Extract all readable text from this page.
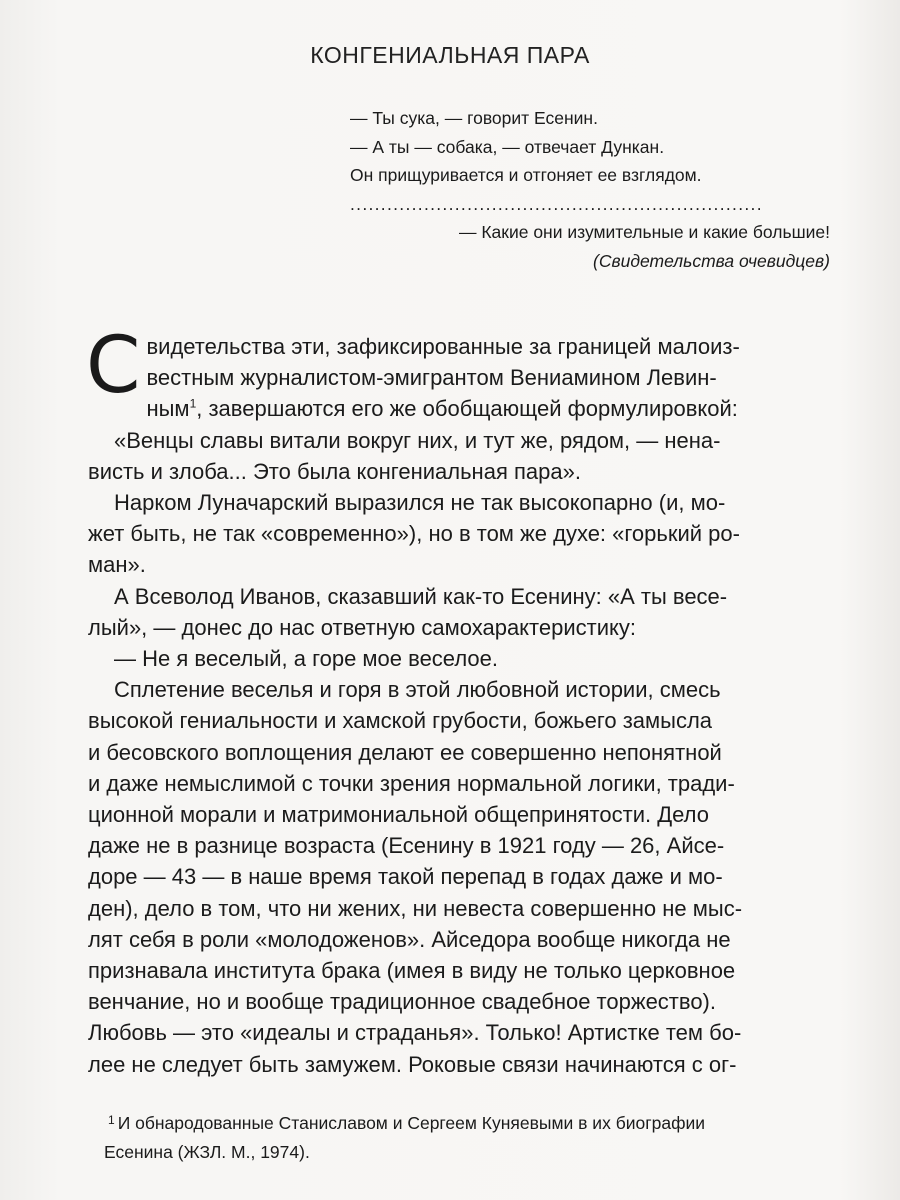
КОНГЕНИАЛЬНАЯ ПАРА
— Ты сука, — говорит Есенин.
— А ты — собака, — отвечает Дункан.
Он прищуривается и отгоняет ее взглядом.
...................................................................
— Какие они изумительные и какие большие!
(Свидетельства очевидцев)
С видетельства эти, зафиксированные за границей малоиз-
вестным журналистом-эмигрантом Вениамином Левин-
ным$^1$, завершаются его же обобщающей формулировкой:
«Венцы славы витали вокруг них, и тут же, рядом, — нена-
висть и злоба... Это была конгениальная пара».
Нарком Луначарский выразился не так высокопарно (и, мо-
жет быть, не так «современно»), но в том же духе: «горький ро-
ман».
А Всеволод Иванов, сказавший как-то Есенину: «А ты весе-
лый», — донес до нас ответную самохарактеристику:
— Не я веселый, а горе мое веселое.
Сплетение веселья и горя в этой любовной истории, смесь
высокой гениальности и хамской грубости, божьего замысла
и бесовского воплощения делают ее совершенно непонятной
и даже немыслимой с точки зрения нормальной логики, тради-
ционной морали и матримониальной общепринятости. Дело
даже не в разнице возраста (Есенину в 1921 году — 26, Айсе-
доре — 43 — в наше время такой перепад в годах даже и мо-
ден), дело в том, что ни жених, ни невеста совершенно не мыс-
лят себя в роли «молодоженов». Айседора вообще никогда не
признавала института брака (имея в виду не только церковное
венчание, но и вообще традиционное свадебное торжество).
Любовь — это «идеалы и страданья». Только! Артистке тем бо-
лее не следует быть замужем. Роковые связи начинаются с ог-
$^1$ И обнародованные Станиславом и Сергеем Куняевыми в их биографии
Есенина (ЖЗЛ. М., 1974).
